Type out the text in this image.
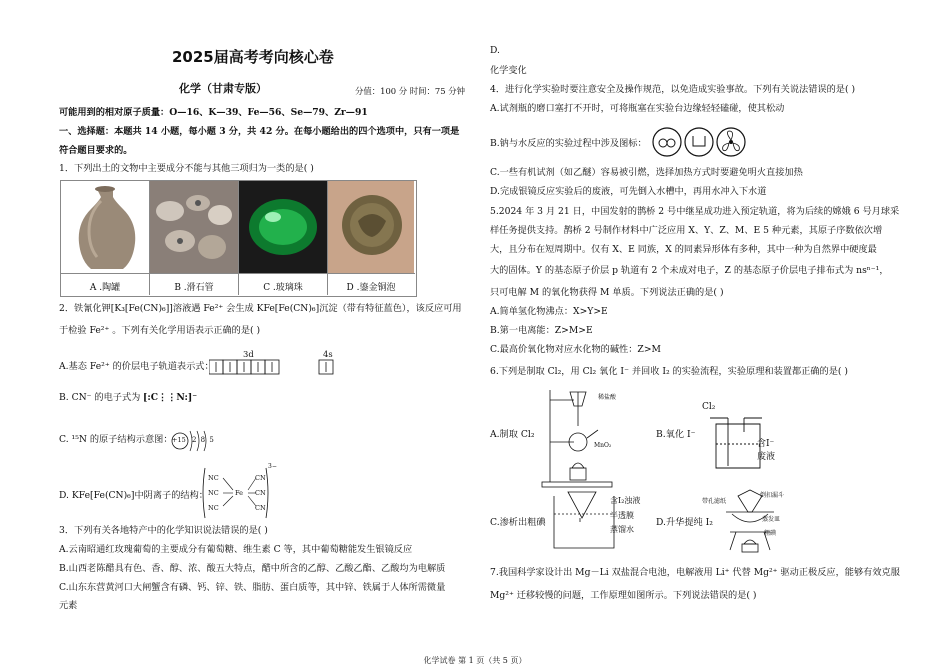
2025届高考考向核心卷
化学（甘肃专版）	分值：100 分 时间：75 分钟
可能用到的相对原子质量：O—16、K—39、Fe—56、Se—79、Zr—91
一、选择题：本题共 14 小题，每小题 3 分，共 42 分。在每小题给出的四个选项中，只有一项是
符合题目要求的。
1．下列出土的文物中主要成分不能与其他三项归为一类的是( )
A .陶罐	B .滑石管	C .玻璃珠	D .鎏金铜泡
2．铁氰化钾[K₃[Fe(CN)₆]]溶液遇 Fe²⁺ 会生成 KFe[Fe(CN)₆]沉淀（带有特征蓝色），该反应可用
于检验 Fe²⁺ 。下列有关化学用语表示正确的是( )
A.基态 Fe²⁺ 的价层电子轨道表示式：
3d	4s
B. CN⁻ 的电子式为 [:C⋮⋮N:]⁻
C. ¹⁵N 的原子结构示意图： +15 2 8 5
D. KFe[Fe(CN)₆]中阴离子的结构：
NC
NC
NC
Fe
CN
CN
CN
3−
3．下列有关各地特产中的化学知识说法错误的是( )
A.云南昭通红玫瑰葡萄的主要成分有葡萄糖、维生素 C 等，其中葡萄糖能发生银镜反应
B.山西老陈醋具有色、香、醇、浓、酸五大特点，醋中所含的乙醇、乙酸乙酯、乙酸均为电解质
C.山东东营黄河口大闸蟹含有磷、钙、锌、铁、脂肪、蛋白质等，其中锌、铁属于人体所需微量
元素
D.
化学变化
4．进行化学实验时要注意安全及操作规范，以免造成实验事故。下列有关说法错误的是( )
A.试剂瓶的磨口塞打不开时，可将瓶塞在实验台边缘轻轻磕碰，使其松动
B.钠与水反应的实验过程中涉及图标：
C.一些有机试剂（如乙醚）容易被引燃，选择加热方式时要避免明火直接加热
D.完成银镜反应实验后的废液，可先倒入水槽中，再用水冲入下水道
5.2024 年 3 月 21 日，中国发射的鹊桥 2 号中继星成功进入预定轨道，将为后续的嫦娥 6 号月球采
样任务提供支持。鹊桥 2 号制作材料中广泛应用 X、Y、Z、M、E 5 种元素，其原子序数依次增
大，且分布在短周期中。仅有 X、E 同族，X 的同素异形体有多种，其中一种为自然界中硬度最
大的固体。Y 的基态原子价层 p 轨道有 2 个未成对电子，Z 的基态原子价层电子排布式为 nsⁿ⁻¹，
只可电解 M 的氧化物获得 M 单质。下列说法正确的是( )
A.简单氢化物沸点：X>Y>E
B.第一电离能：Z>M>E
C.最高价氧化物对应水化物的碱性：Z>M
6.下列是制取 Cl₂，用 Cl₂ 氧化 I⁻ 并回收 I₂ 的实验流程，实验原理和装置都正确的是( )
A.制取 Cl₂
稀盐酸
MnO₂
B.氧化 I⁻
Cl₂
含I⁻
废液
C.渗析出粗碘
含I₂浊液
半透膜
蒸馏水
D.升华提纯 I₂
带孔滤纸
倒扣漏斗
蒸发皿
粗碘
7.我国科学家设计出 Mg－Li 双盐混合电池，电解液用 Li⁺ 代替 Mg²⁺ 驱动正极反应，能够有效克服
Mg²⁺ 迁移较慢的问题，工作原理如图所示。下列说法错误的是( )
化学试卷 第 1 页（共 5 页）
